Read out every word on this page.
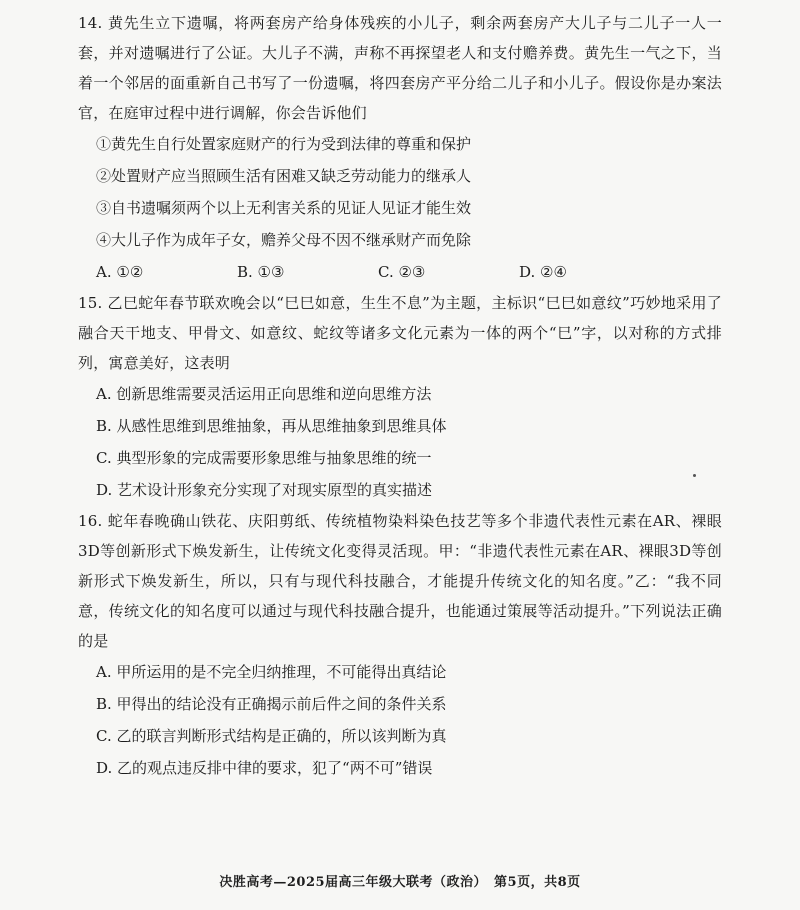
14. 黄先生立下遗嘱，将两套房产给身体残疾的小儿子，剩余两套房产大儿子与二儿子一人一套，并对遗嘱进行了公证。大儿子不满，声称不再探望老人和支付赡养费。黄先生一气之下，当着一个邻居的面重新自己书写了一份遗嘱，将四套房产平分给二儿子和小儿子。假设你是办案法官，在庭审过程中进行调解，你会告诉他们

①黄先生自行处置家庭财产的行为受到法律的尊重和保护
②处置财产应当照顾生活有困难又缺乏劳动能力的继承人
③自书遗嘱须两个以上无利害关系的见证人见证才能生效
④大儿子作为成年子女，赡养父母不因不继承财产而免除
A. ①②	B. ①③	C. ②③	D. ②④

15. 乙巳蛇年春节联欢晚会以“巳巳如意，生生不息”为主题，主标识“巳巳如意纹”巧妙地采用了融合天干地支、甲骨文、如意纹、蛇纹等诸多文化元素为一体的两个“巳”字，以对称的方式排列，寓意美好，这表明

A. 创新思维需要灵活运用正向思维和逆向思维方法
B. 从感性思维到思维抽象，再从思维抽象到思维具体
C. 典型形象的完成需要形象思维与抽象思维的统一
D. 艺术设计形象充分实现了对现实原型的真实描述

16. 蛇年春晚确山铁花、庆阳剪纸、传统植物染料染色技艺等多个非遗代表性元素在AR、裸眼3D等创新形式下焕发新生，让传统文化变得灵活现。甲：“非遗代表性元素在AR、裸眼3D等创新形式下焕发新生，所以，只有与现代科技融合，才能提升传统文化的知名度。”乙：“我不同意，传统文化的知名度可以通过与现代科技融合提升，也能通过策展等活动提升。”下列说法正确的是

A. 甲所运用的是不完全归纳推理，不可能得出真结论
B. 甲得出的结论没有正确揭示前后件之间的条件关系
C. 乙的联言判断形式结构是正确的，所以该判断为真
D. 乙的观点违反排中律的要求，犯了“两不可”错误
决胜高考—2025届高三年级大联考（政治）　第5页，共8页
